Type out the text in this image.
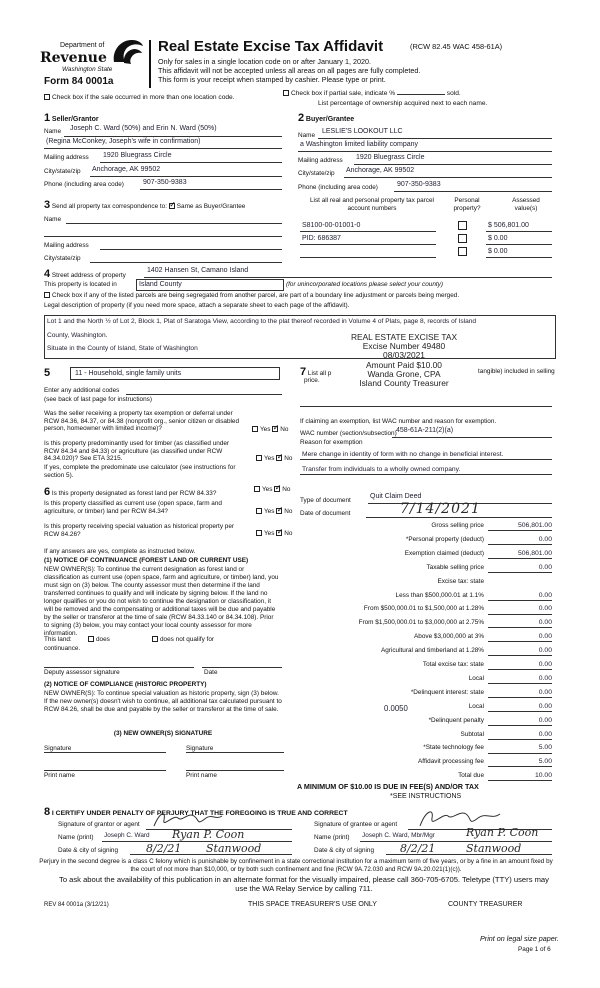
Department of
Revenue
Washington State
Form 84 0001a
Real Estate Excise Tax Affidavit	(RCW 82.45 WAC 458-61A)
Only for sales in a single location code on or after January 1, 2020.
This affidavit will not be accepted unless all areas on all pages are fully completed.
This form is your receipt when stamped by cashier. Please type or print.
Check box if the sale occurred in more than one location code.
Check box if partial sale, indicate %	sold.
List percentage of ownership acquired next to each name.
1 Seller/Grantor
Name Joseph C. Ward (50%) and Erin N. Ward (50%)
(Regina McConkey, Joseph's wife in confirmation)
Mailing address 1920 Bluegrass Circle
City/state/zip Anchorage, AK 99502
Phone (including area code)	907-350-9383
2 Buyer/Grantee
Name
LESLIE'S LOOKOUT LLC
a Washington limited liability company
Mailing address 1920 Bluegrass Circle
City/state/zip Anchorage, AK 99502
Phone (including area code)	907-350-9383
3 Send all property tax correspondence to: ✓ Same as Buyer/Grantee
Name
Mailing address
City/state/zip
List all real and personal property tax parcel account numbers
Personal property?
Assessed value(s)
S8100-00-01001-0	$ 506,801.00
PID: 686387	$ 0.00
$ 0.00
4 Street address of property
1402 Hansen St, Camano Island
This property is located in	Island County	(for unincorporated locations please select your county)
Check box if any of the listed parcels are being segregated from another parcel, are part of a boundary line adjustment or parcels being merged.
Legal description of property (if you need more space, attach a separate sheet to each page of the affidavit).
Lot 1 and the North ½ of Lot 2, Block 1, Plat of Saratoga View, according to the plat thereof recorded in Volume 4 of Plats, page 8, records of Island
County, Washington.
Situate in the County of Island, State of Washington
REAL ESTATE EXCISE TAX
Excise Number 49480
08/03/2021
Amount Paid $10.00
Wanda Grone, CPA
Island County Treasurer
5	11 - Household, single family units
Enter any additional codes
(see back of last page for instructions)
Was the seller receiving a property tax exemption or deferral under RCW 84.36, 84.37, or 84.38 (nonprofit org., senior citizen or disabled person, homeowner with limited income)?	Yes ✓ No
Is this property predominantly used for timber (as classified under RCW 84.34 and 84.33) or agriculture (as classified under RCW 84.34.020)? See ETA 3215.	Yes ✓ No
If yes, complete the predominate use calculator (see instructions for section 5).
7 List all p	tangible) included in selling
price.
If claiming an exemption, list WAC number and reason for exemption.
WAC number (section/subsection) 458-61A-211(2)(a)
Reason for exemption
Mere change in identity of form with no change in beneficial interest.
Transfer from individuals to a wholly owned company.
6 Is this property designated as forest land per RCW 84.33?
Yes ✓ No
Is this property classified as current use (open space, farm and agriculture, or timber) land per RCW 84.34?	Yes ✓ No
Is this property receiving special valuation as historical property per RCW 84.26?	Yes ✓ No
If any answers are yes, complete as instructed below.
(1) NOTICE OF CONTINUANCE (FOREST LAND OR CURRENT USE)
NEW OWNER(S): To continue the current designation as forest land or classification as current use (open space, farm and agriculture, or timber) land, you must sign on (3) below. The county assessor must then determine if the land transferred continues to qualify and will indicate by signing below. If the land no longer qualifies or you do not wish to continue the designation or classification, it will be removed and the compensating or additional taxes will be due and payable by the seller or transferor at the time of sale (RCW 84.33.140 or 84.34.108). Prior to signing (3) below, you may contact your local county assessor for more information.
This land:	does	does not qualify for
continuance.
Deputy assessor signature	Date
(2) NOTICE OF COMPLIANCE (HISTORIC PROPERTY)
NEW OWNER(S): To continue special valuation as historic property, sign (3) below. If the new owner(s) doesn't wish to continue, all additional tax calculated pursuant to RCW 84.26, shall be due and payable by the seller or transferor at the time of sale.
(3) NEW OWNER(S) SIGNATURE
Signature	Signature
Print name	Print name
Type of document
Quit Claim Deed
Date of document	7/14/2021
Gross selling price	506,801.00
*Personal property (deduct)	0.00
Exemption claimed (deduct)	506,801.00
Taxable selling price	0.00
Excise tax: state
Less than $500,000.01 at 1.1%	0.00
From $500,000.01 to $1,500,000 at 1.28%	0.00
From $1,500,000.01 to $3,000,000 at 2.75%	0.00
Above $3,000,000 at 3%	0.00
Agricultural and timberland at 1.28%	0.00
Total excise tax: state	0.00
Local	0.00
*Delinquent interest: state	0.00
Local	0.00
*Delinquent penalty	0.00
Subtotal	0.00
*State technology fee	5.00
Affidavit processing fee	5.00
Total due	10.00
0.0050
A MINIMUM OF $10.00 IS DUE IN FEE(S) AND/OR TAX
*SEE INSTRUCTIONS
8 I CERTIFY UNDER PENALTY OF PERJURY THAT THE FOREGOING IS TRUE AND CORRECT
Signature of grantor or agent
Name (print) Joseph C. Ward Ryan P. Coon
Date & city of signing	8/2/21 Stanwood
Signature of grantee or agent
Name (print) Joseph C. Ward, Mbr/Mgr	Ryan P. Coon
Date & city of signing 8/2/21	Stanwood
Perjury in the second degree is a class C felony which is punishable by confinement in a state correctional institution for a maximum term of five years, or by a fine in an amount fixed by the court of not more than $10,000, or by both such confinement and fine (RCW 9A.72.030 and RCW 9A.20.021(1)(c)).
To ask about the availability of this publication in an alternate format for the visually impaired, please call 360-705-6705. Teletype (TTY) users may use the WA Relay Service by calling 711.
REV 84 0001a (3/12/21)	THIS SPACE TREASURER'S USE ONLY	COUNTY TREASURER
Print on legal size paper.
Page 1 of 6
